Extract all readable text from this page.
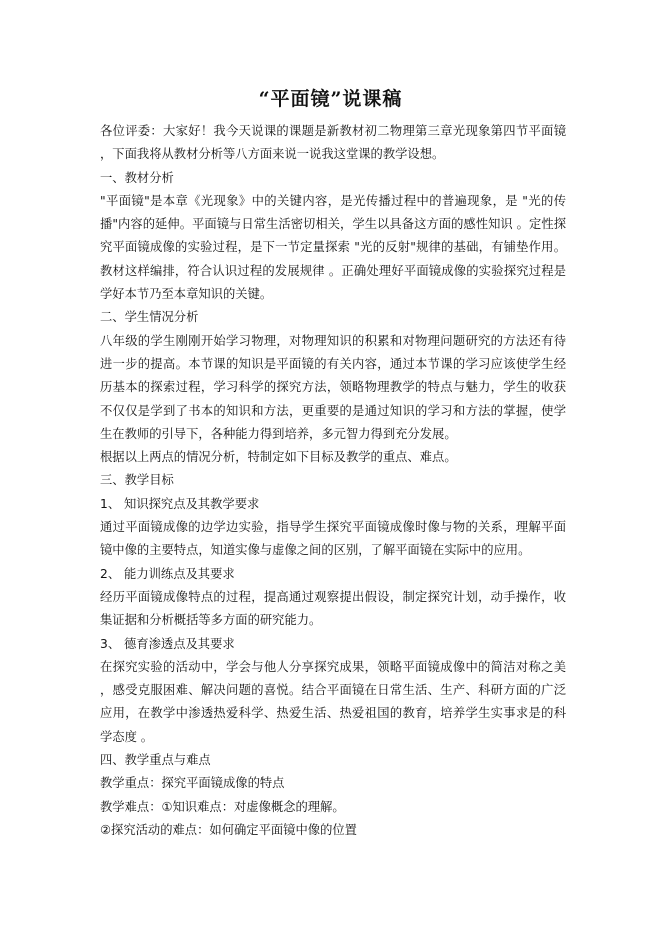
“平面镜”说课稿

各位评委：大家好！我今天说课的课题是新教材初二物理第三章光现象第四节平面镜 ，下面我将从教材分析等八方面来说一说我这堂课的教学设想。

一、教材分析

"平面镜"是本章《光现象》中的关键内容，是光传播过程中的普遍现象，是 "光的传播"内容的延伸。平面镜与日常生活密切相关，学生以具备这方面的感性知识 。定性探究平面镜成像的实验过程，是下一节定量探索 "光的反射"规律的基础，有铺垫作用。教材这样编排，符合认识过程的发展规律 。正确处理好平面镜成像的实验探究过程是学好本节乃至本章知识的关键。

二、学生情况分析

八年级的学生刚刚开始学习物理，对物理知识的积累和对物理问题研究的方法还有待进一步的提高。本节课的知识是平面镜的有关内容，通过本节课的学习应该使学生经历基本的探索过程，学习科学的探究方法，领略物理教学的特点与魅力，学生的收获不仅仅是学到了书本的知识和方法，更重要的是通过知识的学习和方法的掌握，使学生在教师的引导下，各种能力得到培养，多元智力得到充分发展。

根据以上两点的情况分析，特制定如下目标及教学的重点、难点。

三、教学目标

1、 知识探究点及其教学要求

通过平面镜成像的边学边实验，指导学生探究平面镜成像时像与物的关系，理解平面镜中像的主要特点，知道实像与虚像之间的区别，了解平面镜在实际中的应用。

2、 能力训练点及其要求

经历平面镜成像特点的过程，提高通过观察提出假设，制定探究计划，动手操作，收集证据和分析概括等多方面的研究能力。

3、 德育渗透点及其要求

在探究实验的活动中，学会与他人分享探究成果，领略平面镜成像中的简洁对称之美 ，感受克服困难、解决问题的喜悦。结合平面镜在日常生活、生产、科研方面的广泛应用，在教学中渗透热爱科学、热爱生活、热爱祖国的教育，培养学生实事求是的科学态度 。

四、教学重点与难点

教学重点：探究平面镜成像的特点

教学难点：①知识难点：对虚像概念的理解。

②探究活动的难点：如何确定平面镜中像的位置
